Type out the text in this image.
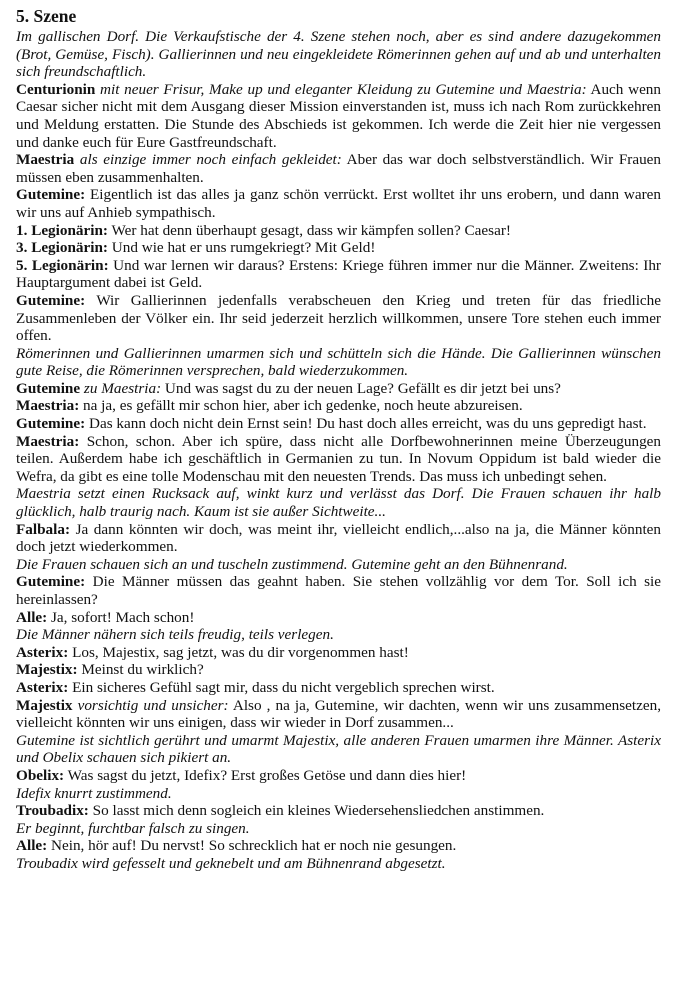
5. Szene

Im gallischen Dorf. Die Verkaufstische der 4. Szene stehen noch, aber es sind andere dazugekommen (Brot, Gemüse, Fisch). Gallierinnen und neu eingekleidete Römerinnen gehen auf und ab und unterhalten sich freundschaftlich.

Centurionin mit neuer Frisur, Make up und eleganter Kleidung zu Gutemine und Maestria: Auch wenn Caesar sicher nicht mit dem Ausgang dieser Mission einverstanden ist, muss ich nach Rom zurückkehren und Meldung erstatten. Die Stunde des Abschieds ist gekommen. Ich werde die Zeit hier nie vergessen und danke euch für Eure Gastfreundschaft.

Maestria als einzige immer noch einfach gekleidet: Aber das war doch selbstverständlich. Wir Frauen müssen eben zusammenhalten.

Gutemine: Eigentlich ist das alles ja ganz schön verrückt. Erst wolltet ihr uns erobern, und dann waren wir uns auf Anhieb sympathisch.

1. Legionärin: Wer hat denn überhaupt gesagt, dass wir kämpfen sollen? Caesar!

3. Legionärin: Und wie hat er uns rumgekriegt? Mit Geld!

5. Legionärin: Und war lernen wir daraus? Erstens: Kriege führen immer nur die Männer. Zweitens: Ihr Hauptargument dabei ist Geld.

Gutemine: Wir Gallierinnen jedenfalls verabscheuen den Krieg und treten für das friedliche Zusammenleben der Völker ein. Ihr seid jederzeit herzlich willkommen, unsere Tore stehen euch immer offen.

Römerinnen und Gallierinnen umarmen sich und schütteln sich die Hände. Die Gallierinnen wünschen gute Reise, die Römerinnen versprechen, bald wiederzukommen.

Gutemine zu Maestria: Und was sagst du zu der neuen Lage? Gefällt es dir jetzt bei uns?

Maestria: na ja, es gefällt mir schon hier, aber ich gedenke, noch heute abzureisen.

Gutemine: Das kann doch nicht dein Ernst sein! Du hast doch alles erreicht, was du uns gepredigt hast.

Maestria: Schon, schon. Aber ich spüre, dass nicht alle Dorfbewohnerinnen meine Überzeugungen teilen. Außerdem habe ich geschäftlich in Germanien zu tun. In Novum Oppidum ist bald wieder die Wefra, da gibt es eine tolle Modenschau mit den neuesten Trends. Das muss ich unbedingt sehen.

Maestria setzt einen Rucksack auf, winkt kurz und verlässt das Dorf. Die Frauen schauen ihr halb glücklich, halb traurig nach. Kaum ist sie außer Sichtweite...

Falbala: Ja dann könnten wir doch, was meint ihr, vielleicht endlich,...also na ja, die Männer könnten doch jetzt wiederkommen.

Die Frauen schauen sich an und tuscheln zustimmend. Gutemine geht an den Bühnenrand.

Gutemine: Die Männer müssen das geahnt haben. Sie stehen vollzählig vor dem Tor. Soll ich sie hereinlassen?

Alle: Ja, sofort! Mach schon!

Die Männer nähern sich teils freudig, teils verlegen.

Asterix: Los, Majestix, sag jetzt, was du dir vorgenommen hast!

Majestix: Meinst du wirklich?

Asterix: Ein sicheres Gefühl sagt mir, dass du nicht vergeblich sprechen wirst.

Majestix vorsichtig und unsicher: Also , na ja, Gutemine, wir dachten, wenn wir uns zusammensetzen, vielleicht könnten wir uns einigen, dass wir wieder in Dorf zusammen...

Gutemine ist sichtlich gerührt und umarmt Majestix, alle anderen Frauen umarmen ihre Männer. Asterix und Obelix schauen sich pikiert an.

Obelix: Was sagst du jetzt, Idefix? Erst großes Getöse und dann dies hier!

Idefix knurrt zustimmend.

Troubadix: So lasst mich denn sogleich ein kleines Wiedersehensliedchen anstimmen.

Er beginnt, furchtbar falsch zu singen.

Alle: Nein, hör auf! Du nervst! So schrecklich hat er noch nie gesungen.

Troubadix wird gefesselt und geknebelt und am Bühnenrand abgesetzt.
